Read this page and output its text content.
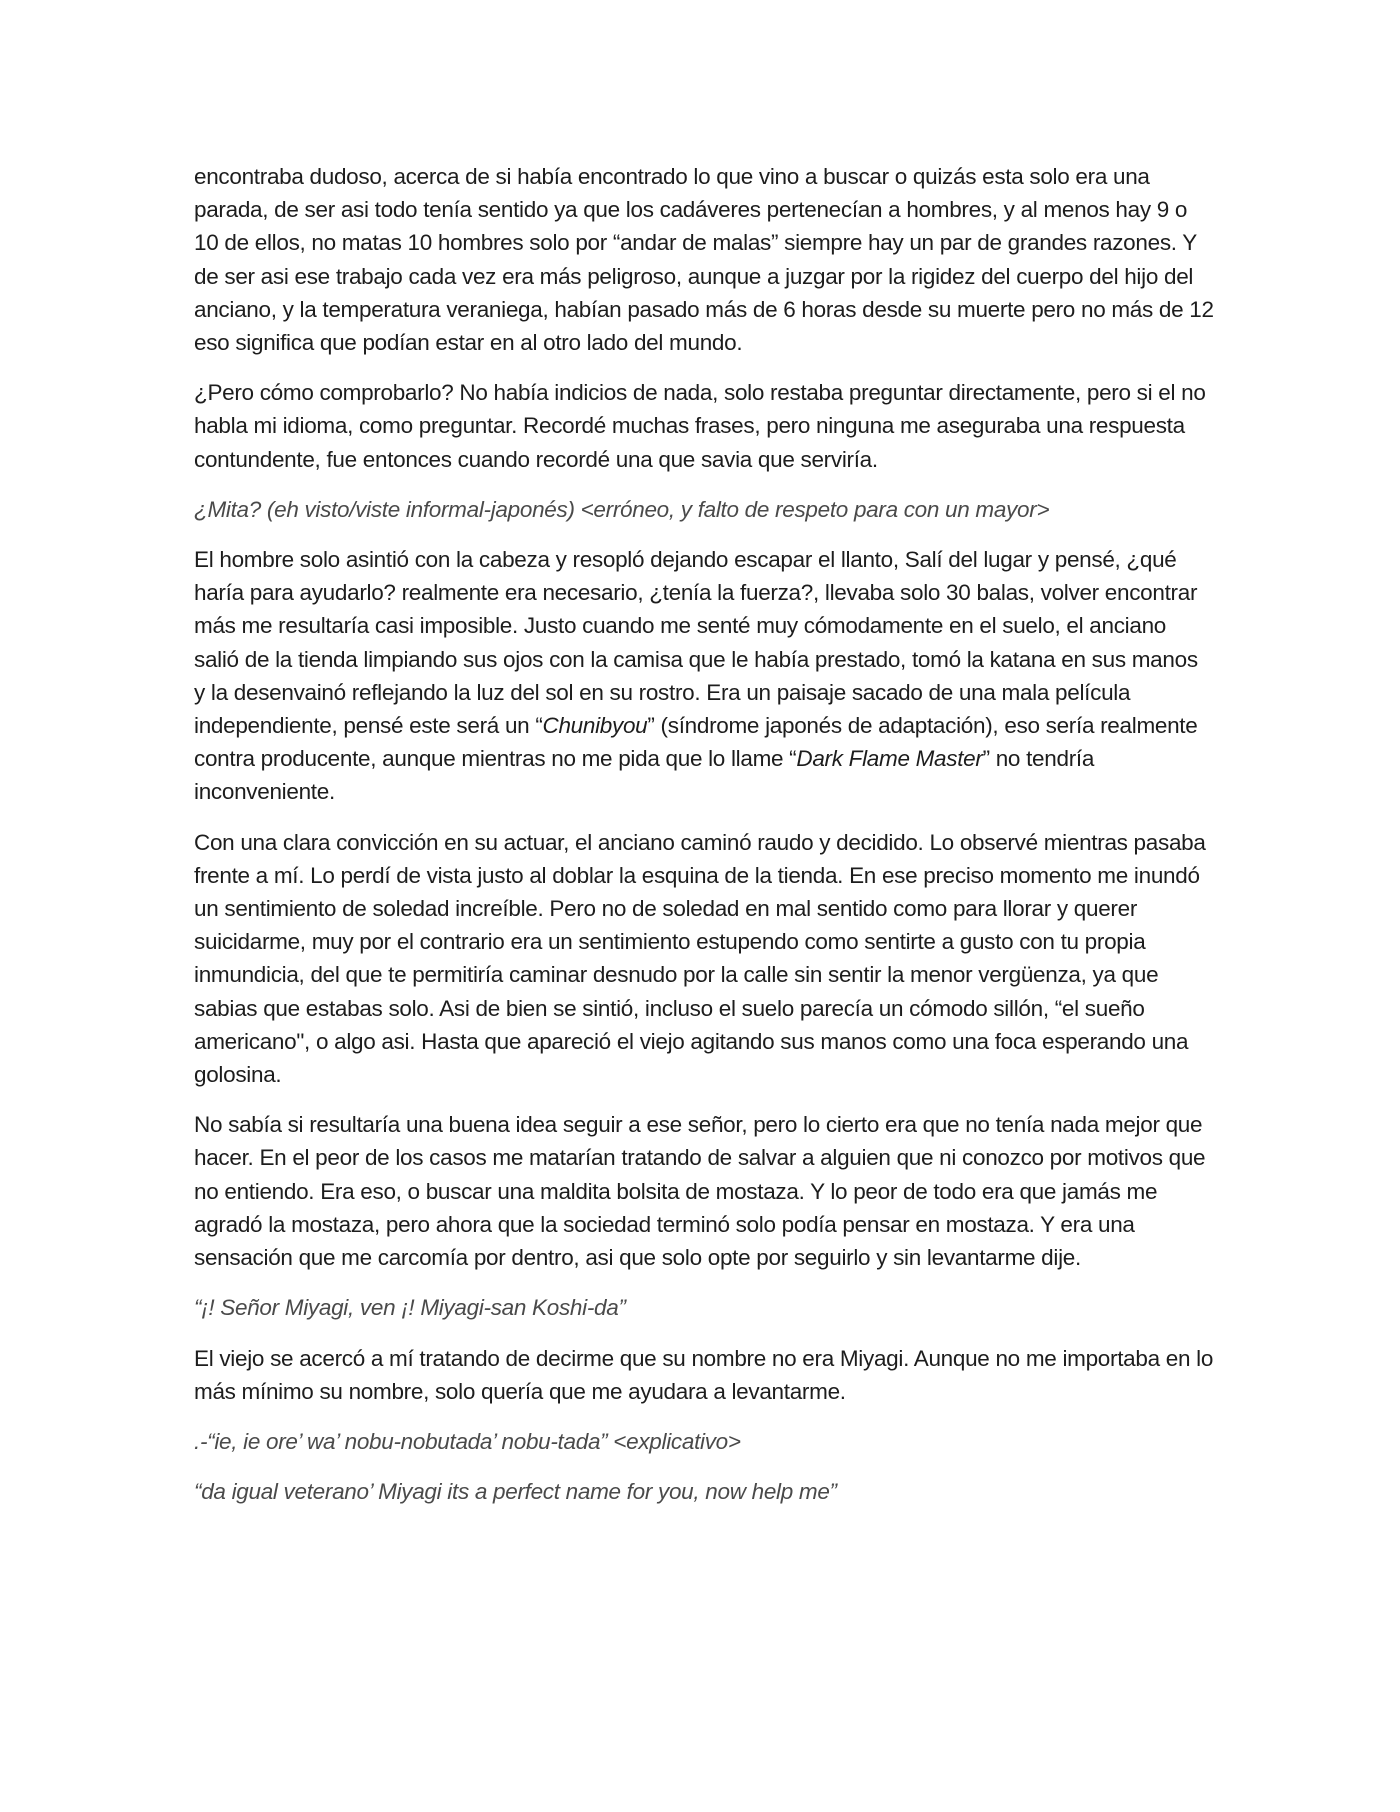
encontraba dudoso, acerca de si había encontrado lo que vino a buscar o quizás esta solo era una parada, de ser asi todo tenía sentido ya que los cadáveres pertenecían a hombres, y al menos hay 9 o 10 de ellos, no matas 10 hombres solo por “andar de malas” siempre hay un par de grandes razones. Y de ser asi ese trabajo cada vez era más peligroso, aunque a juzgar por la rigidez del cuerpo del hijo del anciano, y la temperatura veraniega, habían pasado más de 6 horas desde su muerte pero no más de 12 eso significa que podían estar en al otro lado del mundo.

¿Pero cómo comprobarlo? No había indicios de nada, solo restaba preguntar directamente, pero si el no habla mi idioma, como preguntar. Recordé muchas frases, pero ninguna me aseguraba una respuesta contundente, fue entonces cuando recordé una que savia que serviría.

¿Mita? (eh visto/viste informal-japonés) <erróneo, y falto de respeto para con un mayor>

El hombre solo asintió con la cabeza y resopló dejando escapar el llanto, Salí del lugar y pensé, ¿qué haría para ayudarlo? realmente era necesario, ¿tenía la fuerza?, llevaba solo 30 balas, volver encontrar más me resultaría casi imposible. Justo cuando me senté muy cómodamente en el suelo, el anciano salió de la tienda limpiando sus ojos con la camisa que le había prestado, tomó la katana en sus manos y la desenvainó reflejando la luz del sol en su rostro. Era un paisaje sacado de una mala película independiente, pensé este será un “Chunibyou” (síndrome japonés de adaptación), eso sería realmente contra producente, aunque mientras no me pida que lo llame “Dark Flame Master” no tendría inconveniente.

Con una clara convicción en su actuar, el anciano caminó raudo y decidido. Lo observé mientras pasaba frente a mí. Lo perdí de vista justo al doblar la esquina de la tienda. En ese preciso momento me inundó un sentimiento de soledad increíble. Pero no de soledad en mal sentido como para llorar y querer suicidarme, muy por el contrario era un sentimiento estupendo como sentirte a gusto con tu propia inmundicia, del que te permitiría caminar desnudo por la calle sin sentir la menor vergüenza, ya que sabias que estabas solo. Asi de bien se sintió, incluso el suelo parecía un cómodo sillón, “el sueño americano", o algo asi. Hasta que apareció el viejo agitando sus manos como una foca esperando una golosina.

No sabía si resultaría una buena idea seguir a ese señor, pero lo cierto era que no tenía nada mejor que hacer. En el peor de los casos me matarían tratando de salvar a alguien que ni conozco por motivos que no entiendo. Era eso, o buscar una maldita bolsita de mostaza. Y lo peor de todo era que jamás me agradó la mostaza, pero ahora que la sociedad terminó solo podía pensar en mostaza. Y era una sensación que me carcomía por dentro, asi que solo opte por seguirlo y sin levantarme dije.

“¡! Señor Miyagi, ven ¡! Miyagi-san Koshi-da”

El viejo se acercó a mí tratando de decirme que su nombre no era Miyagi. Aunque no me importaba en lo más mínimo su nombre, solo quería que me ayudara a levantarme.

.-“ie, ie ore’ wa’ nobu-nobutada’ nobu-tada” <explicativo>

“da igual veterano’ Miyagi its a perfect name for you, now help me”
